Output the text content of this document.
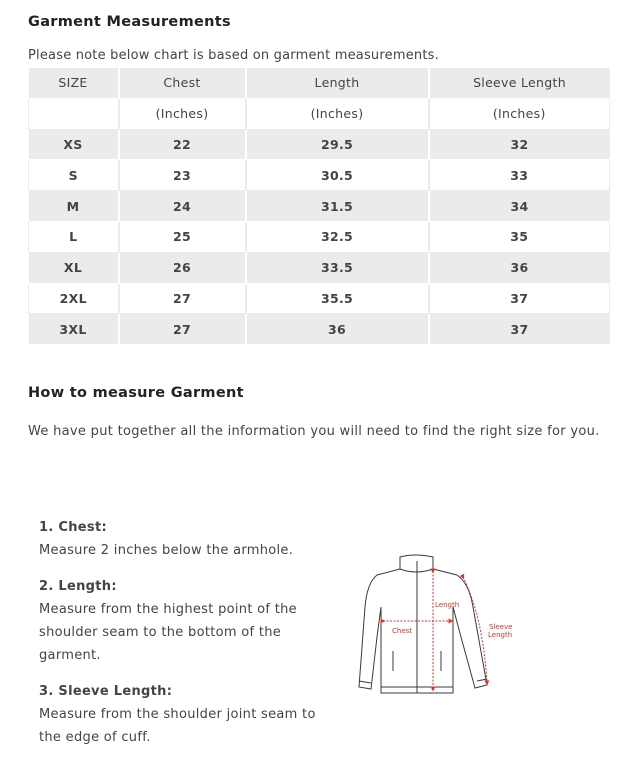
Garment Measurements
Please note below chart is based on garment measurements.
SIZE	Chest	Length	Sleeve Length
	(Inches)	(Inches)	(Inches)
XS	22	29.5	32
S	23	30.5	33
M	24	31.5	34
L	25	32.5	35
XL	26	33.5	36
2XL	27	35.5	37
3XL	27	36	37
How to measure Garment
We have put together all the information you will need to find the right size for you.
1. Chest:
Measure 2 inches below the armhole.
2. Length:
Measure from the highest point of the shoulder seam to the bottom of the garment.
3. Sleeve Length:
Measure from the shoulder joint seam to the edge of cuff.
Chest
Length
Sleeve
Length
